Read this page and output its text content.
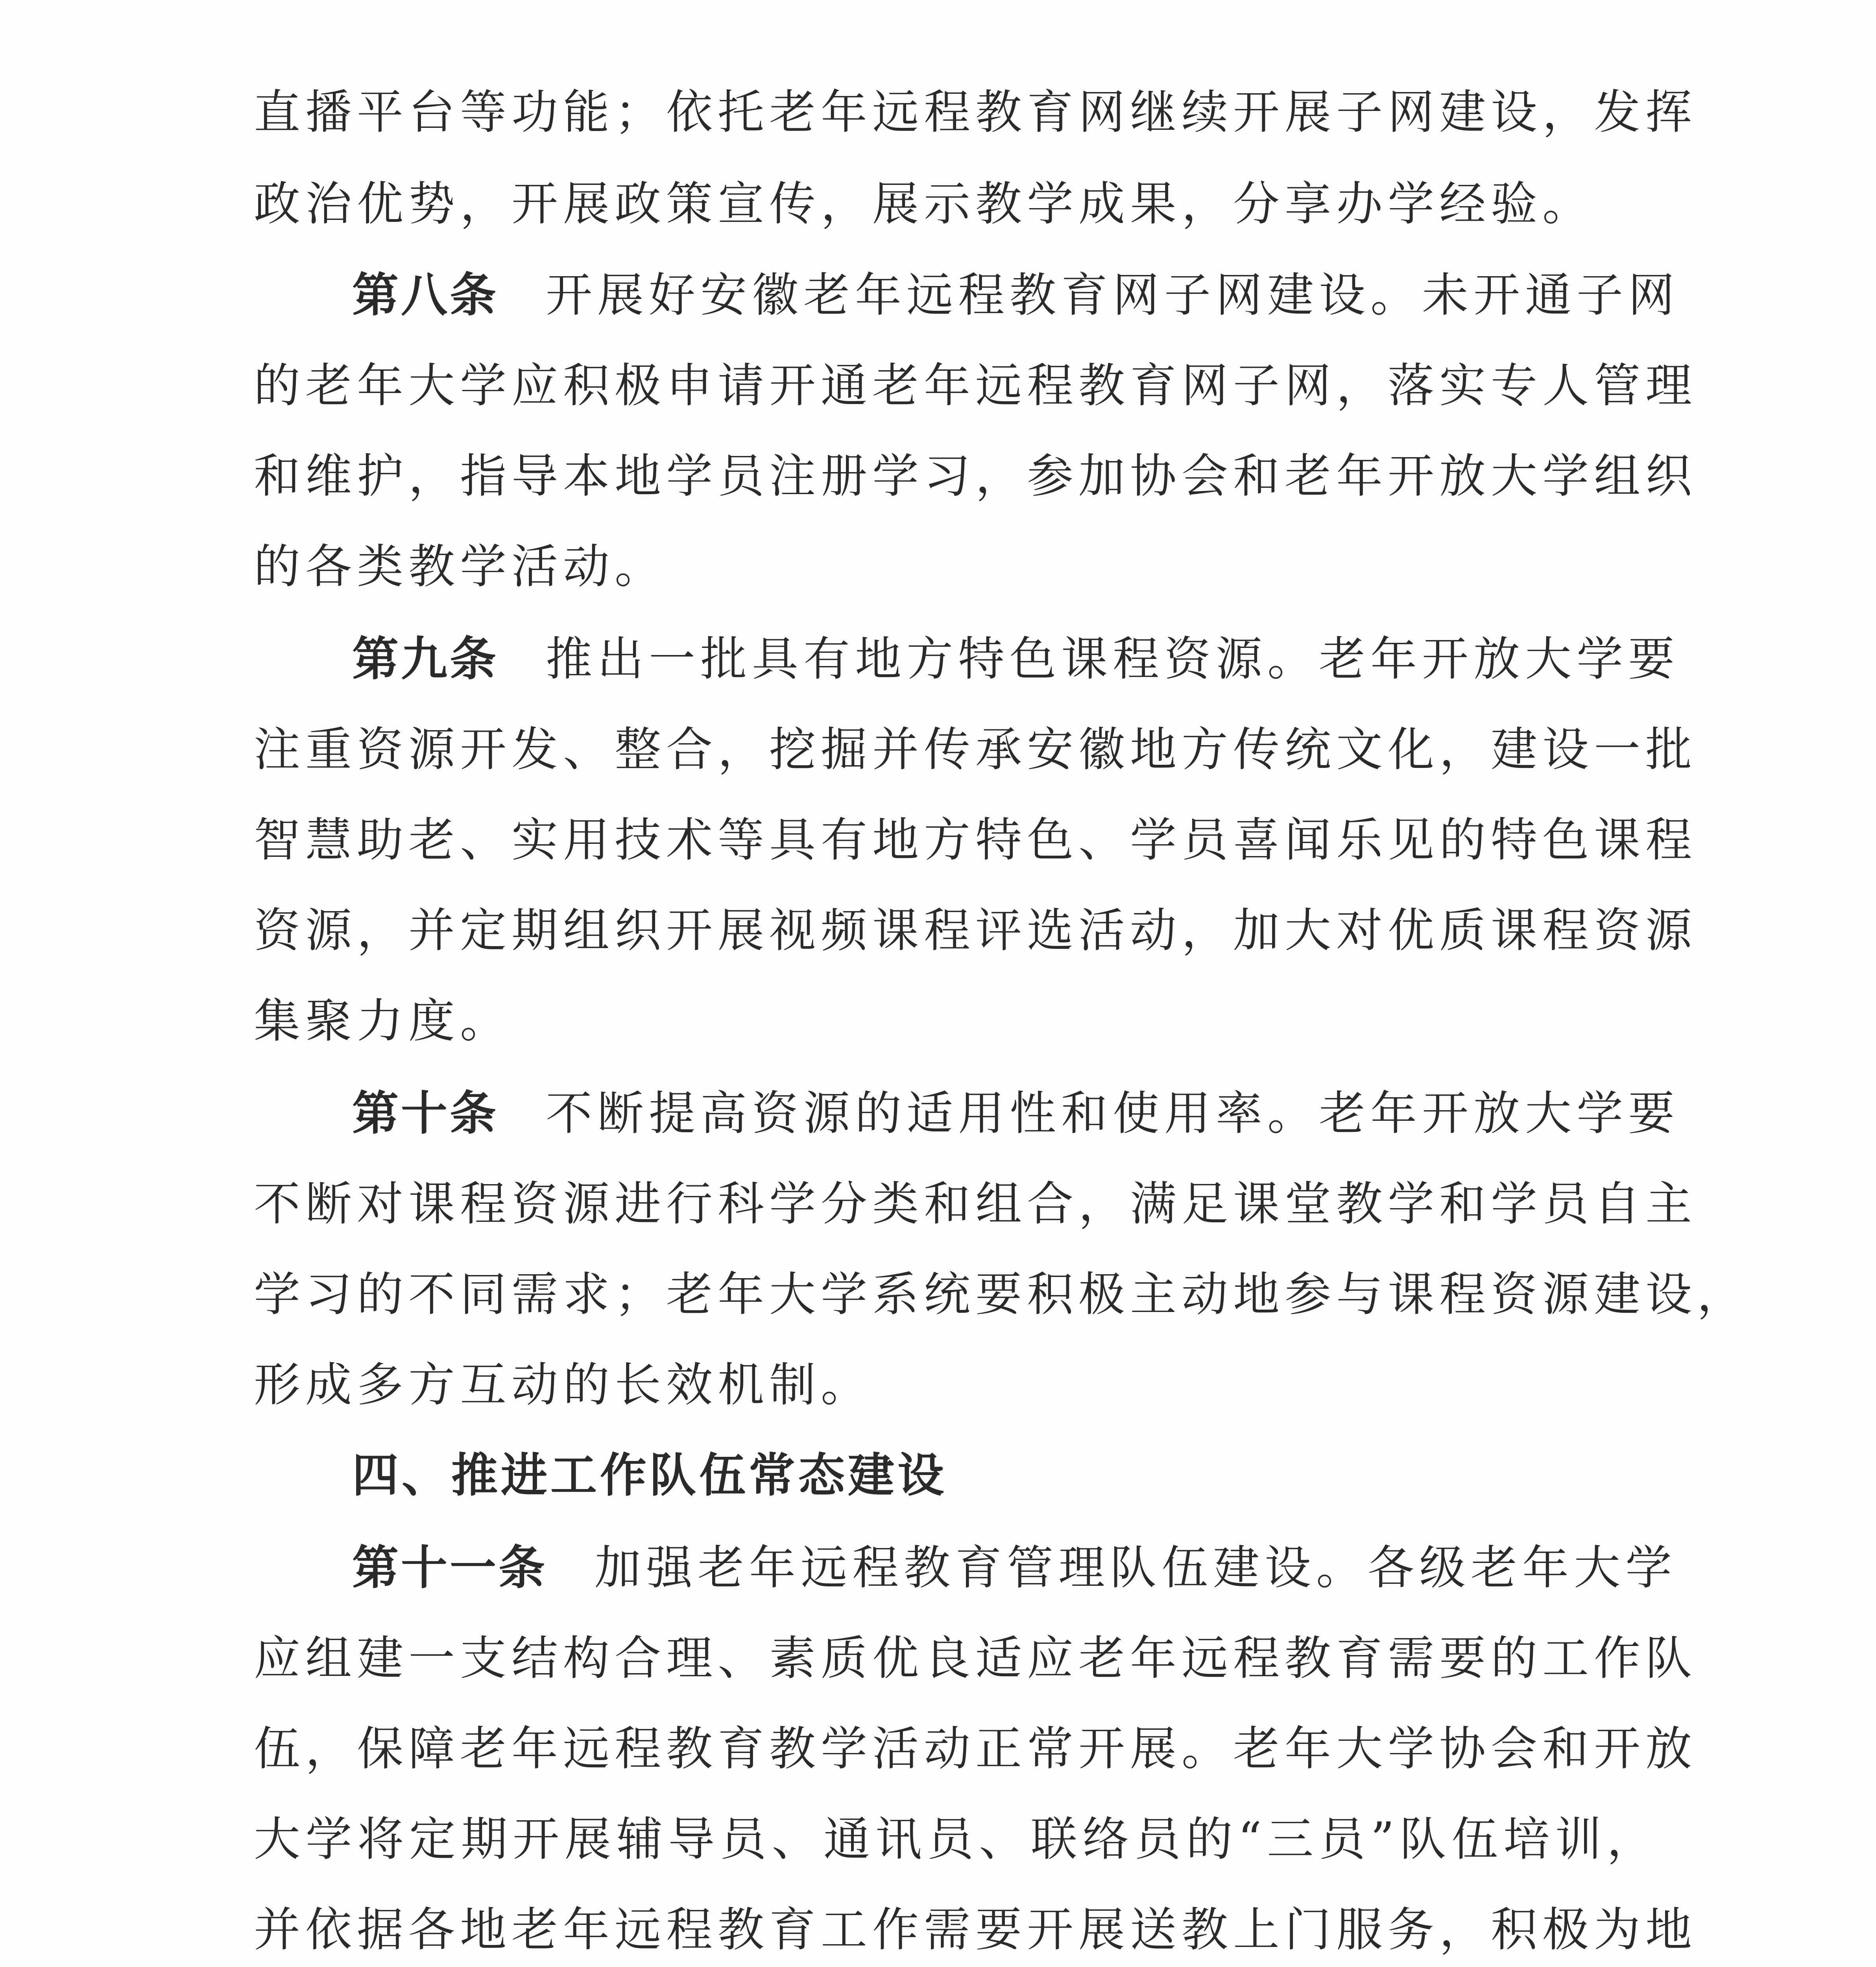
直播平台等功能；依托老年远程教育网继续开展子网建设，发挥
政治优势，开展政策宣传，展示教学成果，分享办学经验。
第八条 开展好安徽老年远程教育网子网建设。未开通子网
的老年大学应积极申请开通老年远程教育网子网，落实专人管理
和维护，指导本地学员注册学习，参加协会和老年开放大学组织
的各类教学活动。
第九条 推出一批具有地方特色课程资源。老年开放大学要
注重资源开发、整合，挖掘并传承安徽地方传统文化，建设一批
智慧助老、实用技术等具有地方特色、学员喜闻乐见的特色课程
资源，并定期组织开展视频课程评选活动，加大对优质课程资源
集聚力度。
第十条 不断提高资源的适用性和使用率。老年开放大学要
不断对课程资源进行科学分类和组合，满足课堂教学和学员自主
学习的不同需求；老年大学系统要积极主动地参与课程资源建设，
形成多方互动的长效机制。
四、推进工作队伍常态建设
第十一条 加强老年远程教育管理队伍建设。各级老年大学
应组建一支结构合理、素质优良适应老年远程教育需要的工作队
伍，保障老年远程教育教学活动正常开展。老年大学协会和开放
大学将定期开展辅导员、通讯员、联络员的“三员”队伍培训，
并依据各地老年远程教育工作需要开展送教上门服务，积极为地
